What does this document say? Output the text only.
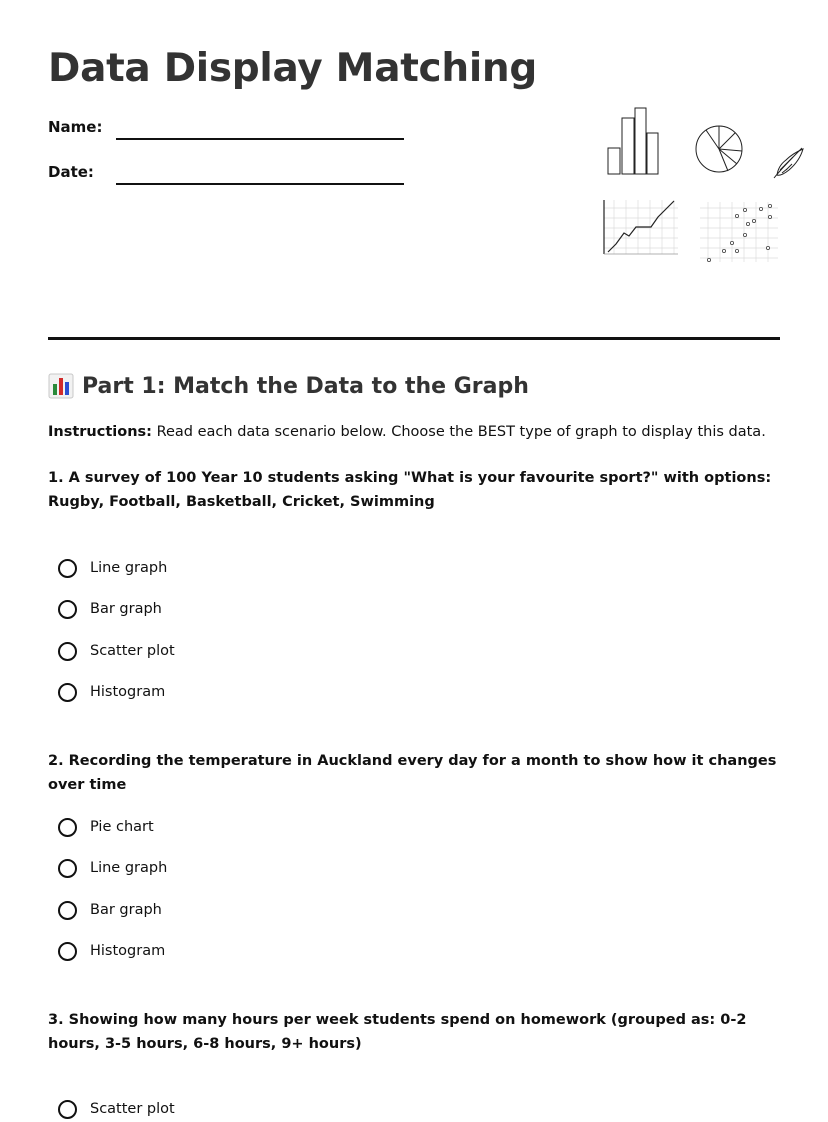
Data Display Matching
Name:
Date:
Part 1: Match the Data to the Graph
Instructions: Read each data scenario below. Choose the BEST type of graph to display this data.
1. A survey of 100 Year 10 students asking "What is your favourite sport?" with options: Rugby, Football, Basketball, Cricket, Swimming
Line graph
Bar graph
Scatter plot
Histogram
2. Recording the temperature in Auckland every day for a month to show how it changes over time
Pie chart
Line graph
Bar graph
Histogram
3. Showing how many hours per week students spend on homework (grouped as: 0-2 hours, 3-5 hours, 6-8 hours, 9+ hours)
Scatter plot
